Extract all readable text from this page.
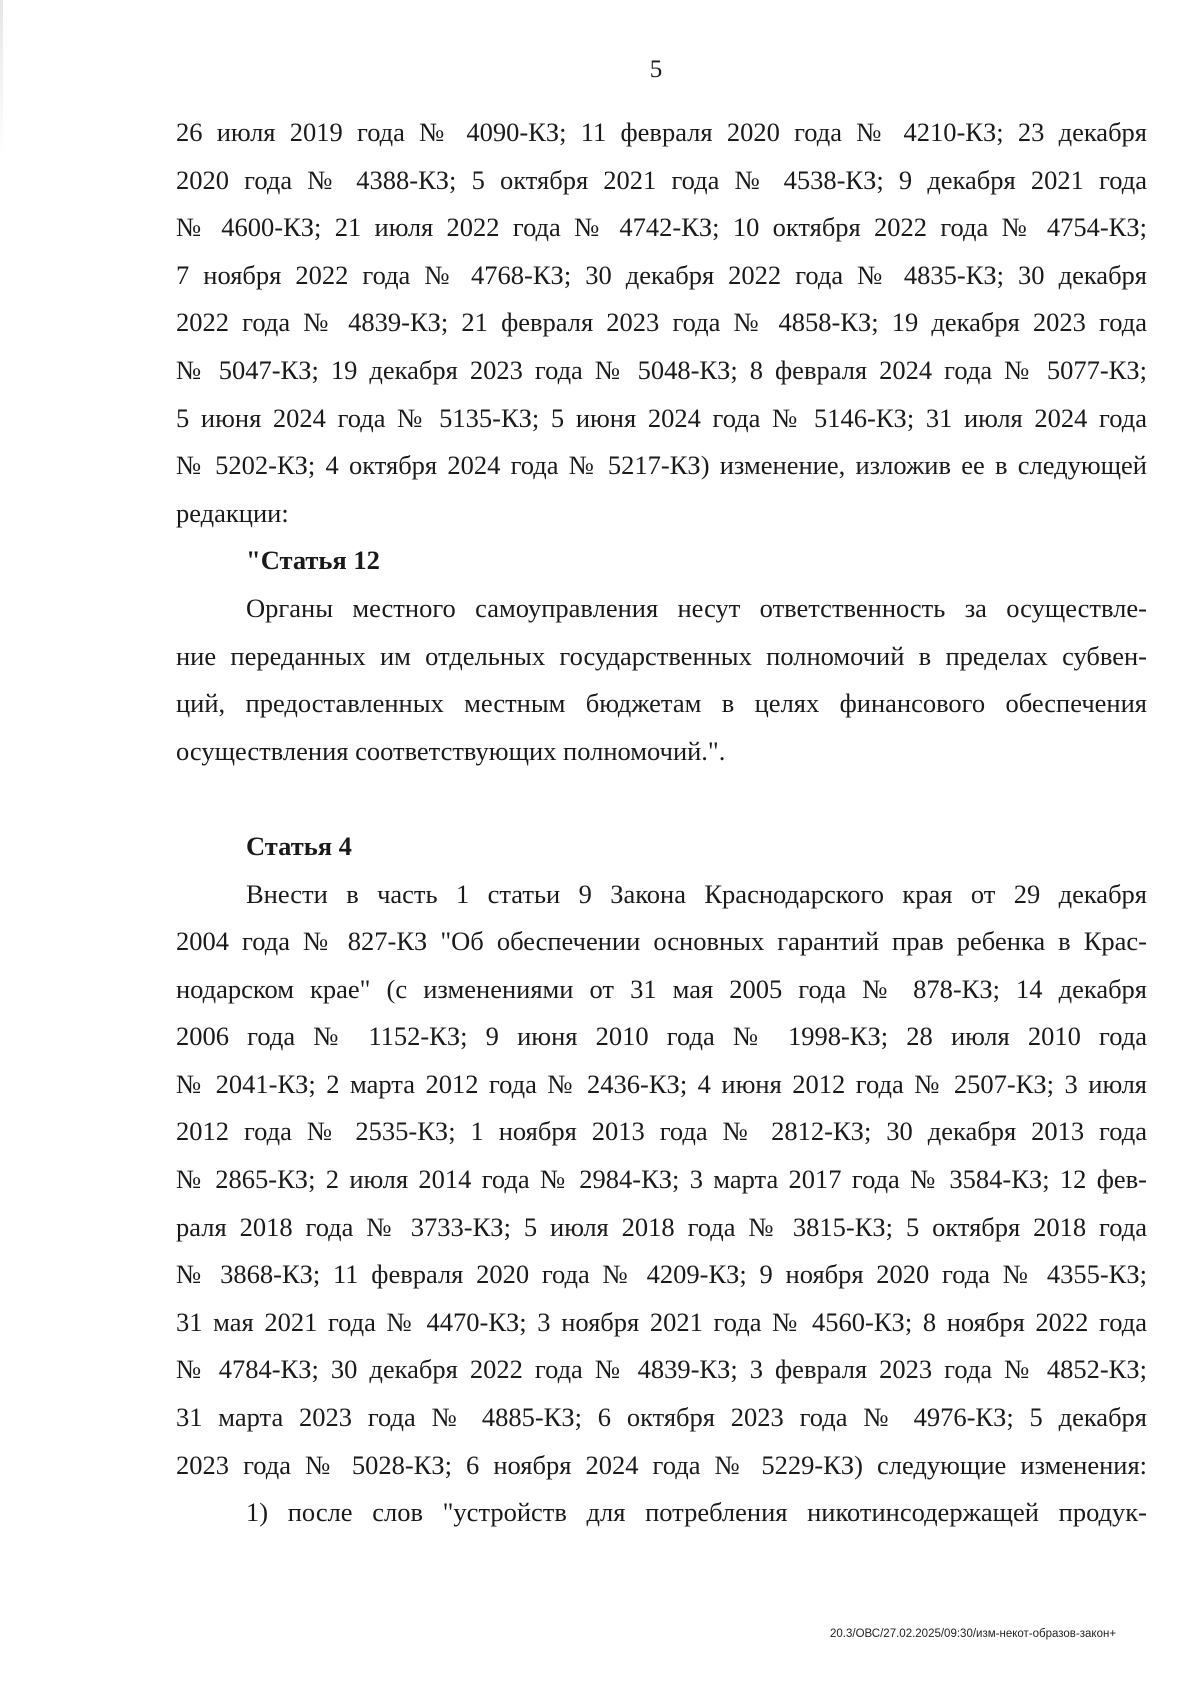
5
26 июля 2019 года № 4090-КЗ; 11 февраля 2020 года № 4210-КЗ; 23 декабря
2020 года № 4388-КЗ; 5 октября 2021 года № 4538-КЗ; 9 декабря 2021 года
№ 4600-КЗ; 21 июля 2022 года № 4742-КЗ; 10 октября 2022 года № 4754-КЗ;
7 ноября 2022 года № 4768-КЗ; 30 декабря 2022 года № 4835-КЗ; 30 декабря
2022 года № 4839-КЗ; 21 февраля 2023 года № 4858-КЗ; 19 декабря 2023 года
№ 5047-КЗ; 19 декабря 2023 года № 5048-КЗ; 8 февраля 2024 года № 5077-КЗ;
5 июня 2024 года № 5135-КЗ; 5 июня 2024 года № 5146-КЗ; 31 июля 2024 года
№ 5202-КЗ; 4 октября 2024 года № 5217-КЗ) изменение, изложив ее в следующей
редакции:
"Статья 12
Органы местного самоуправления несут ответственность за осуществле-
ние переданных им отдельных государственных полномочий в пределах субвен-
ций, предоставленных местным бюджетам в целях финансового обеспечения
осуществления соответствующих полномочий.".
Статья 4
Внести в часть 1 статьи 9 Закона Краснодарского края от 29 декабря
2004 года № 827-КЗ "Об обеспечении основных гарантий прав ребенка в Крас-
нодарском крае" (с изменениями от 31 мая 2005 года № 878-КЗ; 14 декабря
2006 года № 1152-КЗ; 9 июня 2010 года № 1998-КЗ; 28 июля 2010 года
№ 2041-КЗ; 2 марта 2012 года № 2436-КЗ; 4 июня 2012 года № 2507-КЗ; 3 июля
2012 года № 2535-КЗ; 1 ноября 2013 года № 2812-КЗ; 30 декабря 2013 года
№ 2865-КЗ; 2 июля 2014 года № 2984-КЗ; 3 марта 2017 года № 3584-КЗ; 12 фев-
раля 2018 года № 3733-КЗ; 5 июля 2018 года № 3815-КЗ; 5 октября 2018 года
№ 3868-КЗ; 11 февраля 2020 года № 4209-КЗ; 9 ноября 2020 года № 4355-КЗ;
31 мая 2021 года № 4470-КЗ; 3 ноября 2021 года № 4560-КЗ; 8 ноября 2022 года
№ 4784-КЗ; 30 декабря 2022 года № 4839-КЗ; 3 февраля 2023 года № 4852-КЗ;
31 марта 2023 года № 4885-КЗ; 6 октября 2023 года № 4976-КЗ; 5 декабря
2023 года № 5028-КЗ; 6 ноября 2024 года № 5229-КЗ) следующие изменения:
1) после слов "устройств для потребления никотинсодержащей продук-
20.3/ОВС/27.02.2025/09:30/изм-некот-образов-закон+
